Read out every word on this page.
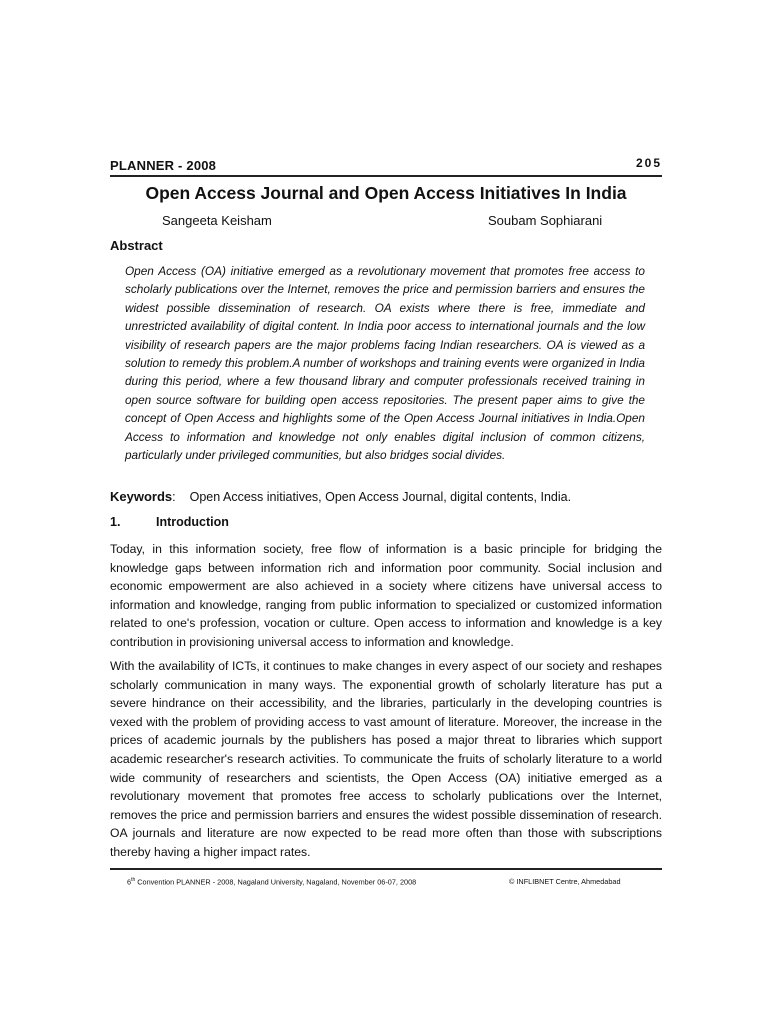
PLANNER - 2008	205
Open Access Journal and Open Access Initiatives In India
Sangeeta Keisham	Soubam Sophiarani
Abstract
Open Access (OA) initiative emerged as a revolutionary movement that promotes free access to scholarly publications over the Internet, removes the price and permission barriers and ensures the widest possible dissemination of research. OA exists where there is free, immediate and unrestricted availability of digital content. In India poor access to international journals and the low visibility of research papers are the major problems facing Indian researchers. OA is viewed as a solution to remedy this problem.A number of workshops and training events were organized in India during this period, where a few thousand library and computer professionals received training in open source software for building open access repositories. The present paper aims to give the concept of Open Access and highlights some of the Open Access Journal initiatives in India.Open Access to information and knowledge not only enables digital inclusion of common citizens, particularly under privileged communities, but also bridges social divides.
Keywords: Open Access initiatives, Open Access Journal, digital contents, India.
1.	Introduction
Today, in this information society, free flow of information is a basic principle for bridging the knowledge gaps between information rich and information poor community. Social inclusion and economic empowerment are also achieved in a society where citizens have universal access to information and knowledge, ranging from public information to specialized or customized information related to one's profession, vocation or culture. Open access to information and knowledge is a key contribution in provisioning universal access to information and knowledge.
With the availability of ICTs, it continues to make changes in every aspect of our society and reshapes scholarly communication in many ways. The exponential growth of scholarly literature has put a severe hindrance on their accessibility, and the libraries, particularly in the developing countries is vexed with the problem of providing access to vast amount of literature. Moreover, the increase in the prices of academic journals by the publishers has posed a major threat to libraries which support academic researcher's research activities. To communicate the fruits of scholarly literature to a world wide community of researchers and scientists, the Open Access (OA) initiative emerged as a revolutionary movement that promotes free access to scholarly publications over the Internet, removes the price and permission barriers and ensures the widest possible dissemination of research. OA journals and literature are now expected to be read more often than those with subscriptions thereby having a higher impact rates.
6th Convention PLANNER - 2008, Nagaland University, Nagaland, November 06-07, 2008	© INFLIBNET Centre, Ahmedabad
